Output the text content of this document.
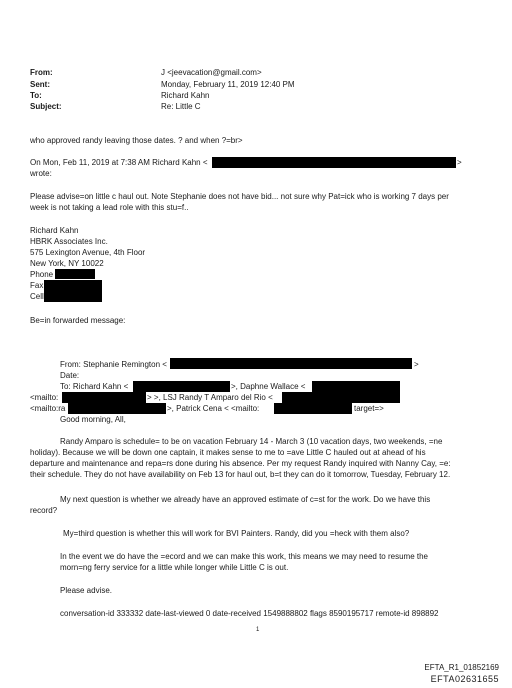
From:	J <jeevacation@gmail.com>
Sent:	Monday, February 11, 2019 12:40 PM
To:	Richard Kahn
Subject:	Re: Little C
who approved randy leaving those dates. ? and when ?=br>
On Mon, Feb 11, 2019 at 7:38 AM Richard Kahn <	>
wrote:
Please advise=on little c haul out. Note Stephanie does not have bid... not sure why Pat=ick who is working 7 days per
week is not taking a lead role with this stu=f..
Richard Kahn
HBRK Associates Inc.
575 Lexington Avenue, 4th Floor
New York, NY 10022
Phone
Fax
Cell
Be=in forwarded message:
From: Stephanie Remington <	>
Date:
To: Richard Kahn <	>, Daphne Wallace <
<mailto:	> >, LSJ Randy T Amparo del Rio <
<mailto:ra	>, Patrick Cena < <mailto:	target=>
Good morning, All,
Randy Amparo is schedule= to be on vacation February 14 - March 3 (10 vacation days, two weekends, =ne
holiday). Because we will be down one captain, it makes sense to me to =ave Little C hauled out at ahead of his
departure and maintenance and repa=rs done during his absence. Per my request Randy inquired with Nanny Cay, =e:
their schedule. They do not have availability on Feb 13 for haul out, b=t they can do it tomorrow, Tuesday, February 12.
My next question is whether we already have an approved estimate of c=st for the work. Do we have this
record?
My=third question is whether this will work for BVI Painters. Randy, did you =heck with them also?
In the event we do have the =ecord and we can make this work, this means we may need to resume the
morn=ng ferry service for a little while longer while Little C is out.
Please advise.
conversation-id 333332 date-last-viewed 0 date-received 1549888802 flags 8590195717 remote-id 898892
1
EFTA_R1_01852169
EFTA02631655
